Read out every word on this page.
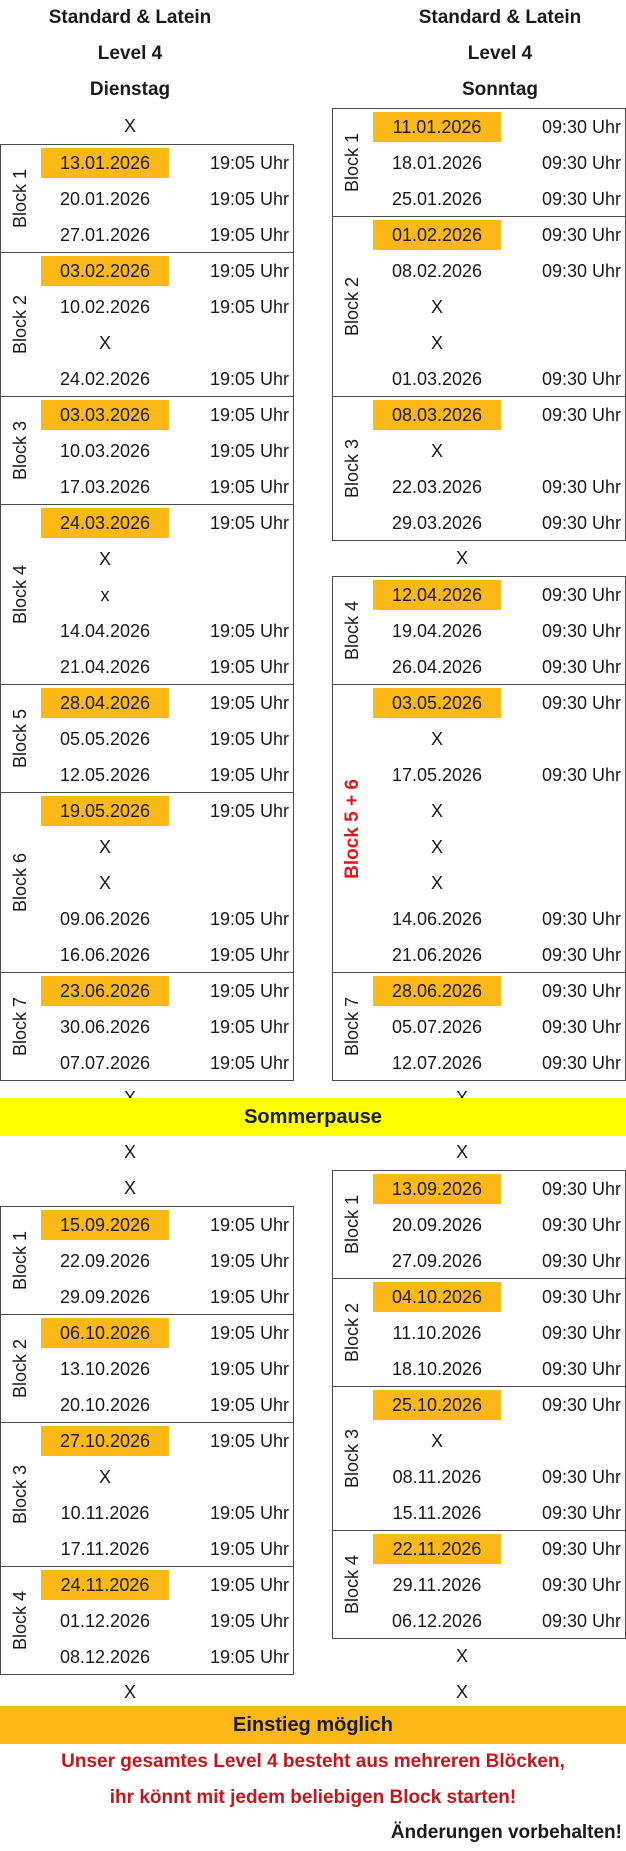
Standard & Latein
Level 4
Dienstag
Standard & Latein
Level 4
Sonntag
X
Block 1
13.01.2026	19:05 Uhr
20.01.2026	19:05 Uhr
27.01.2026	19:05 Uhr
Block 2
03.02.2026	19:05 Uhr
10.02.2026	19:05 Uhr
X
24.02.2026	19:05 Uhr
Block 3
03.03.2026	19:05 Uhr
10.03.2026	19:05 Uhr
17.03.2026	19:05 Uhr
Block 4
24.03.2026	19:05 Uhr
X
x
14.04.2026	19:05 Uhr
21.04.2026	19:05 Uhr
Block 5
28.04.2026	19:05 Uhr
05.05.2026	19:05 Uhr
12.05.2026	19:05 Uhr
Block 6
19.05.2026	19:05 Uhr
X
X
09.06.2026	19:05 Uhr
16.06.2026	19:05 Uhr
Block 7
23.06.2026	19:05 Uhr
30.06.2026	19:05 Uhr
07.07.2026	19:05 Uhr
Block 1
11.01.2026	09:30 Uhr
18.01.2026	09:30 Uhr
25.01.2026	09:30 Uhr
Block 2
01.02.2026	09:30 Uhr
08.02.2026	09:30 Uhr
X
X
01.03.2026	09:30 Uhr
Block 3
08.03.2026	09:30 Uhr
X
22.03.2026	09:30 Uhr
29.03.2026	09:30 Uhr
X
Block 4
12.04.2026	09:30 Uhr
19.04.2026	09:30 Uhr
26.04.2026	09:30 Uhr
Block 5 + 6
03.05.2026	09:30 Uhr
X
17.05.2026	09:30 Uhr
X
X
X
14.06.2026	09:30 Uhr
21.06.2026	09:30 Uhr
Block 7
28.06.2026	09:30 Uhr
05.07.2026	09:30 Uhr
12.07.2026	09:30 Uhr
Sommerpause
X
X
Block 1
15.09.2026	19:05 Uhr
22.09.2026	19:05 Uhr
29.09.2026	19:05 Uhr
Block 2
06.10.2026	19:05 Uhr
13.10.2026	19:05 Uhr
20.10.2026	19:05 Uhr
Block 3
27.10.2026	19:05 Uhr
X
10.11.2026	19:05 Uhr
17.11.2026	19:05 Uhr
Block 4
24.11.2026	19:05 Uhr
01.12.2026	19:05 Uhr
08.12.2026	19:05 Uhr
X
X
Block 1
13.09.2026	09:30 Uhr
20.09.2026	09:30 Uhr
27.09.2026	09:30 Uhr
Block 2
04.10.2026	09:30 Uhr
11.10.2026	09:30 Uhr
18.10.2026	09:30 Uhr
Block 3
25.10.2026	09:30 Uhr
X
08.11.2026	09:30 Uhr
15.11.2026	09:30 Uhr
Block 4
22.11.2026	09:30 Uhr
29.11.2026	09:30 Uhr
06.12.2026	09:30 Uhr
X
X
Einstieg möglich
Unser gesamtes Level 4 besteht aus mehreren Blöcken,
ihr könnt mit jedem beliebigen Block starten!
Änderungen vorbehalten!
